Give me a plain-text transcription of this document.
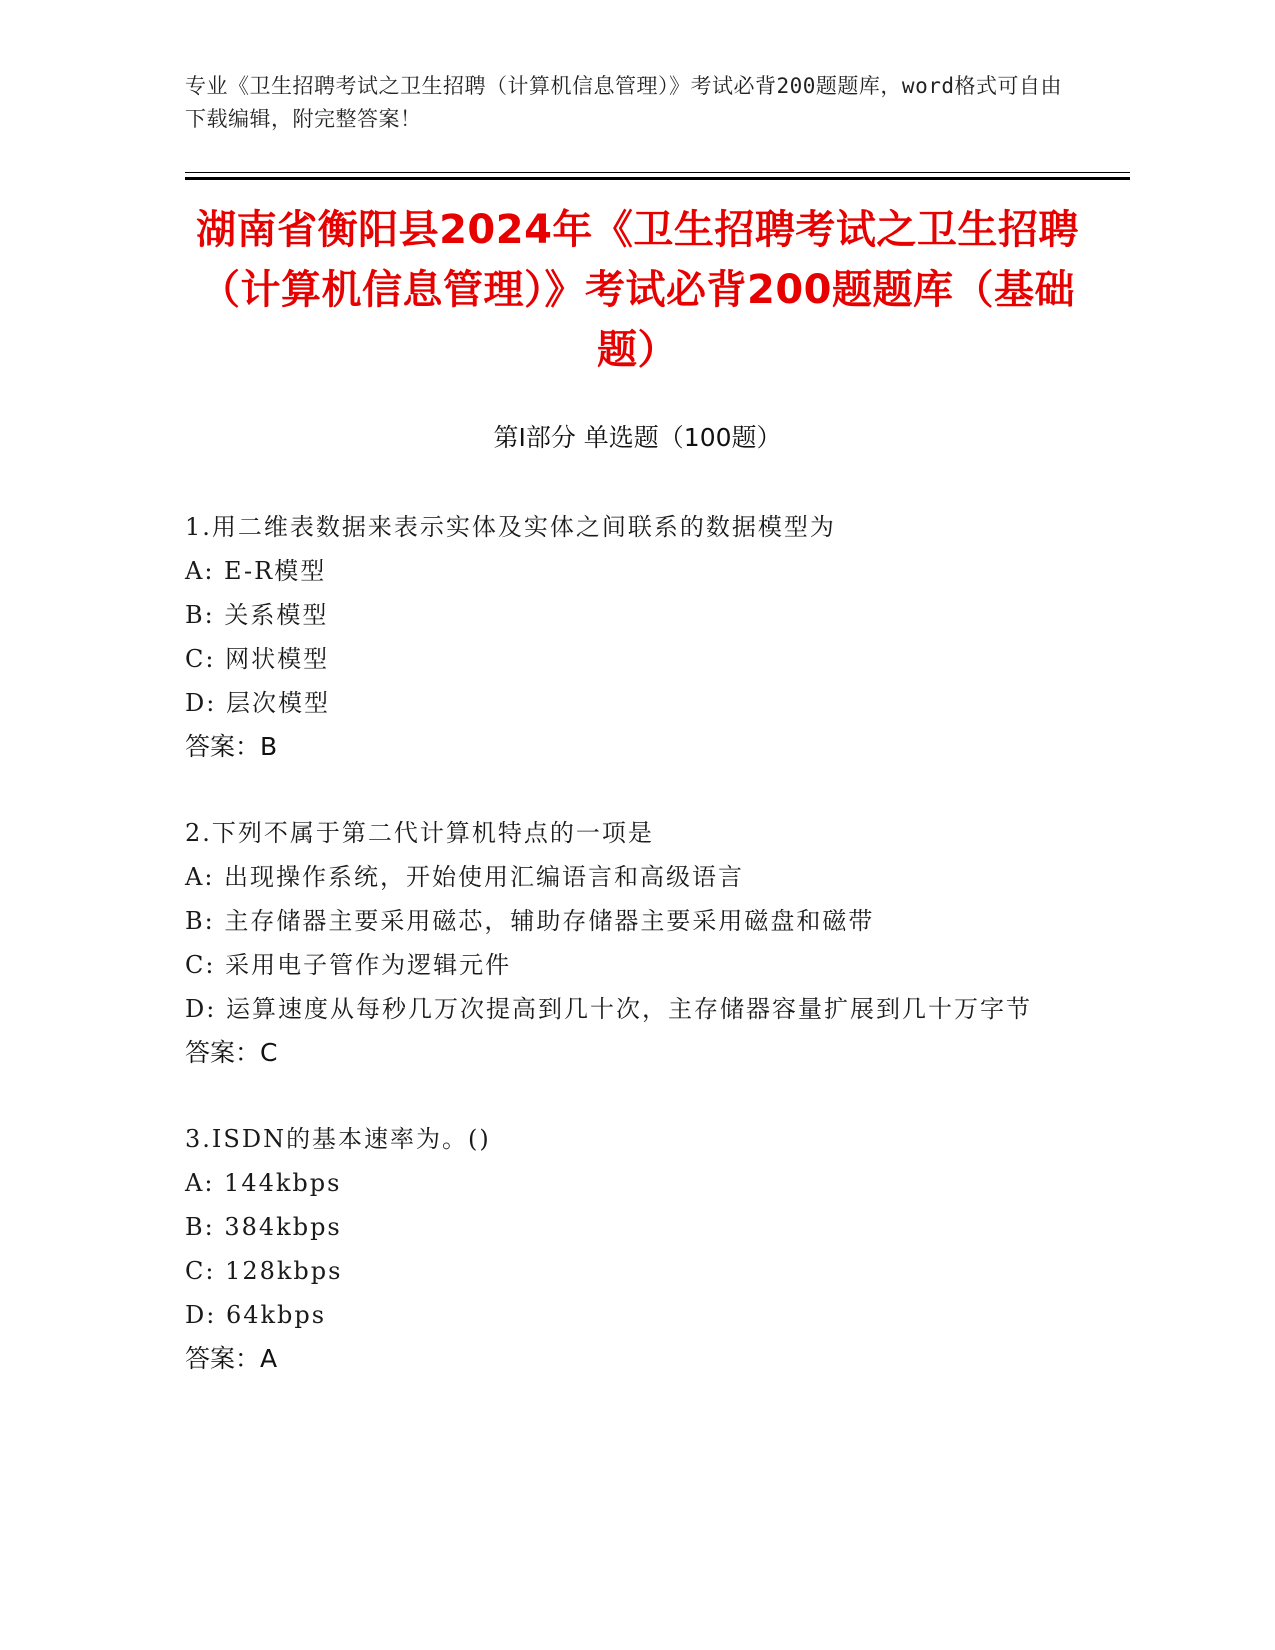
专业《卫生招聘考试之卫生招聘（计算机信息管理）》考试必背200题题库，word格式可自由下载编辑，附完整答案！
湖南省衡阳县2024年《卫生招聘考试之卫生招聘（计算机信息管理）》考试必背200题题库（基础题）
第Ⅰ部分 单选题（100题）
1.用二维表数据来表示实体及实体之间联系的数据模型为
A: E-R模型
B: 关系模型
C: 网状模型
D: 层次模型
答案：B
2.下列不属于第二代计算机特点的一项是
A: 出现操作系统，开始使用汇编语言和高级语言
B: 主存储器主要采用磁芯，辅助存储器主要采用磁盘和磁带
C: 采用电子管作为逻辑元件
D: 运算速度从每秒几万次提高到几十次，主存储器容量扩展到几十万字节
答案：C
3.ISDN的基本速率为。()
A: 144kbps
B: 384kbps
C: 128kbps
D: 64kbps
答案：A
